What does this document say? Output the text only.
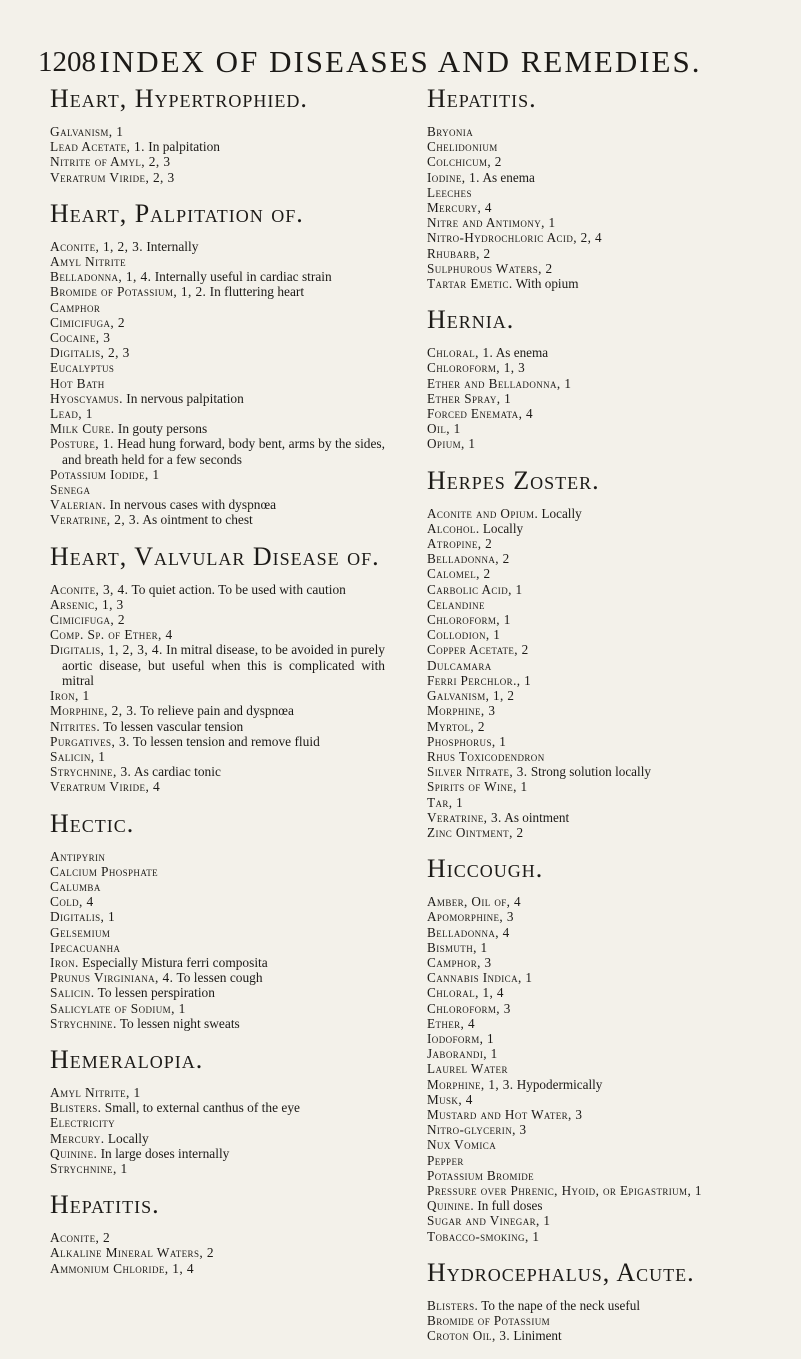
1208 INDEX OF DISEASES AND REMEDIES.
Heart, Hypertrophied.
Galvanism, 1
Lead Acetate, 1. In palpitation
Nitrite of Amyl, 2, 3
Veratrum Viride, 2, 3
Heart, Palpitation of.
Aconite, 1, 2, 3. Internally
Amyl Nitrite
Belladonna, 1, 4. Internally useful in cardiac strain
Bromide of Potassium, 1, 2. In fluttering heart
Camphor
Cimicifuga, 2
Cocaine, 3
Digitalis, 2, 3
Eucalyptus
Hot Bath
Hyoscyamus. In nervous palpitation
Lead, 1
Milk Cure. In gouty persons
Posture, 1. Head hung forward, body bent, arms by the sides, and breath held for a few seconds
Potassium Iodide, 1
Senega
Valerian. In nervous cases with dyspnœa
Veratrine, 2, 3. As ointment to chest
Heart, Valvular Disease of.
Aconite, 3, 4. To quiet action. To be used with caution
Arsenic, 1, 3
Cimicifuga, 2
Comp. Sp. of Ether, 4
Digitalis, 1, 2, 3, 4. In mitral disease, to be avoided in purely aortic disease, but useful when this is complicated with mitral
Iron, 1
Morphine, 2, 3. To relieve pain and dyspnœa
Nitrites. To lessen vascular tension
Purgatives, 3. To lessen tension and remove fluid
Salicin, 1
Strychnine, 3. As cardiac tonic
Veratrum Viride, 4
Hectic.
Antipyrin
Calcium Phosphate
Calumba
Cold, 4
Digitalis, 1
Gelsemium
Ipecacuanha
Iron. Especially Mistura ferri composita
Prunus Virginiana, 4. To lessen cough
Salicin. To lessen perspiration
Salicylate of Sodium, 1
Strychnine. To lessen night sweats
Hemeralopia.
Amyl Nitrite, 1
Blisters. Small, to external canthus of the eye
Electricity
Mercury. Locally
Quinine. In large doses internally
Strychnine, 1
Hepatitis.
Aconite, 2
Alkaline Mineral Waters, 2
Ammonium Chloride, 1, 4
Hepatitis.
Bryonia
Chelidonium
Colchicum, 2
Iodine, 1. As enema
Leeches
Mercury, 4
Nitre and Antimony, 1
Nitro-Hydrochloric Acid, 2, 4
Rhubarb, 2
Sulphurous Waters, 2
Tartar Emetic. With opium
Hernia.
Chloral, 1. As enema
Chloroform, 1, 3
Ether and Belladonna, 1
Ether Spray, 1
Forced Enemata, 4
Oil, 1
Opium, 1
Herpes Zoster.
Aconite and Opium. Locally
Alcohol. Locally
Atropine, 2
Belladonna, 2
Calomel, 2
Carbolic Acid, 1
Celandine
Chloroform, 1
Collodion, 1
Copper Acetate, 2
Dulcamara
Ferri Perchlor., 1
Galvanism, 1, 2
Morphine, 3
Myrtol, 2
Phosphorus, 1
Rhus Toxicodendron
Silver Nitrate, 3. Strong solution locally
Spirits of Wine, 1
Tar, 1
Veratrine, 3. As ointment
Zinc Ointment, 2
Hiccough.
Amber, Oil of, 4
Apomorphine, 3
Belladonna, 4
Bismuth, 1
Camphor, 3
Cannabis Indica, 1
Chloral, 1, 4
Chloroform, 3
Ether, 4
Iodoform, 1
Jaborandi, 1
Laurel Water
Morphine, 1, 3. Hypodermically
Musk, 4
Mustard and Hot Water, 3
Nitro-glycerin, 3
Nux Vomica
Pepper
Potassium Bromide
Pressure over Phrenic, Hyoid, or Epigastrium, 1
Quinine. In full doses
Sugar and Vinegar, 1
Tobacco-smoking, 1
Hydrocephalus, Acute.
Blisters. To the nape of the neck useful
Bromide of Potassium
Croton Oil, 3. Liniment
